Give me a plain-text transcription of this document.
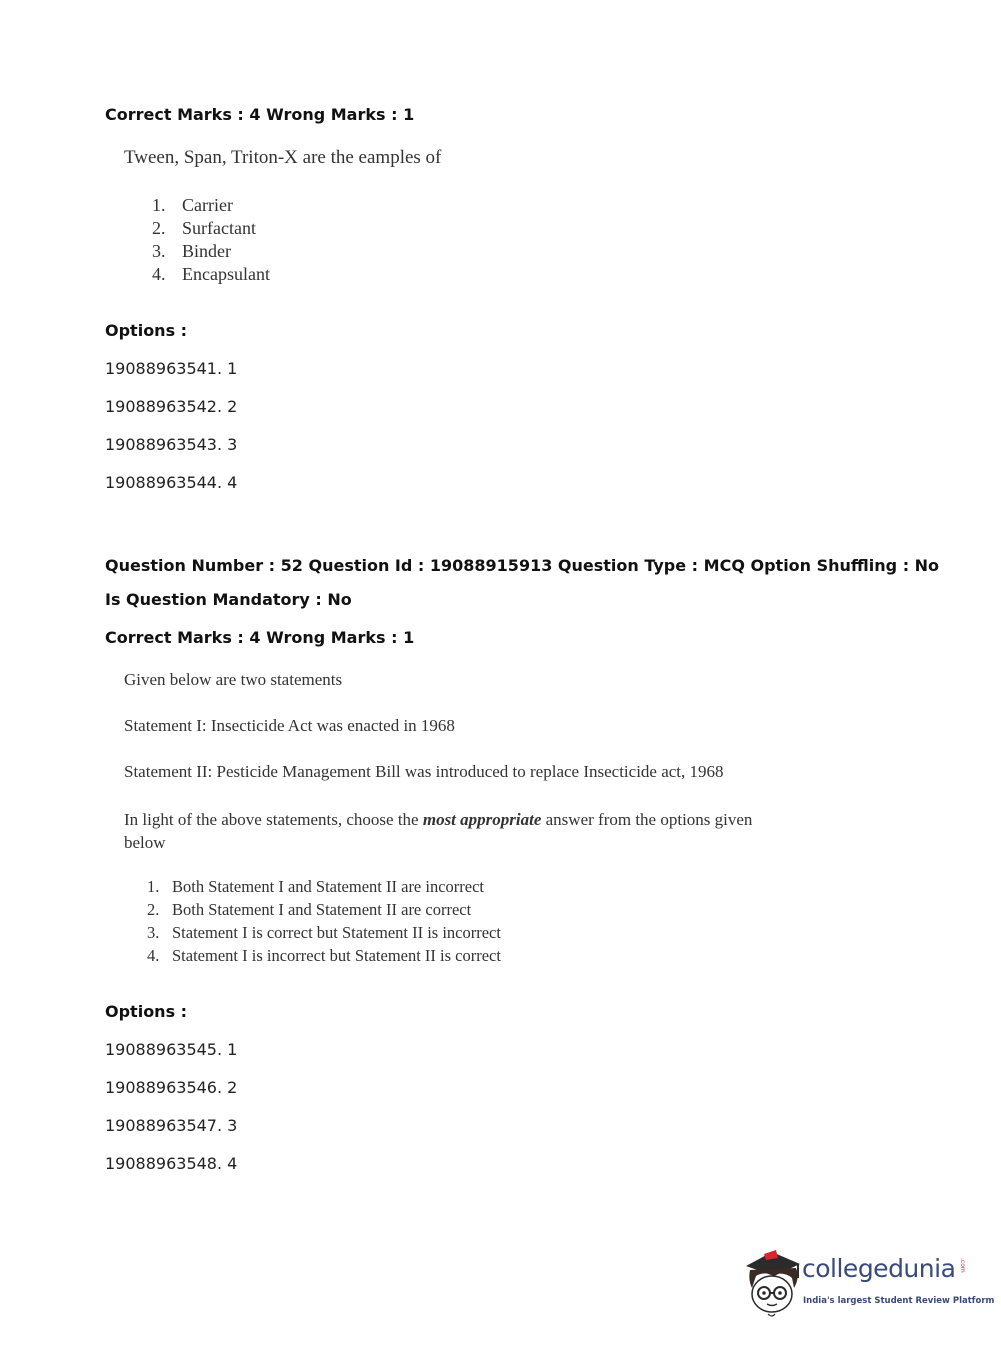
Correct Marks : 4 Wrong Marks : 1
Tween, Span, Triton-X are the eamples of
1. Carrier
2. Surfactant
3. Binder
4. Encapsulant
Options :
19088963541. 1
19088963542. 2
19088963543. 3
19088963544. 4
Question Number : 52 Question Id : 19088915913 Question Type : MCQ Option Shuffling : No
Is Question Mandatory : No
Correct Marks : 4 Wrong Marks : 1
Given below are two statements
Statement I: Insecticide Act was enacted in 1968
Statement II: Pesticide Management Bill was introduced to replace Insecticide act, 1968
In light of the above statements, choose the most appropriate answer from the options given
below
1. Both Statement I and Statement II are incorrect
2. Both Statement I and Statement II are correct
3. Statement I is correct but Statement II is incorrect
4. Statement I is incorrect but Statement II is correct
Options :
19088963545. 1
19088963546. 2
19088963547. 3
19088963548. 4
collegedunia .com
India's largest Student Review Platform
